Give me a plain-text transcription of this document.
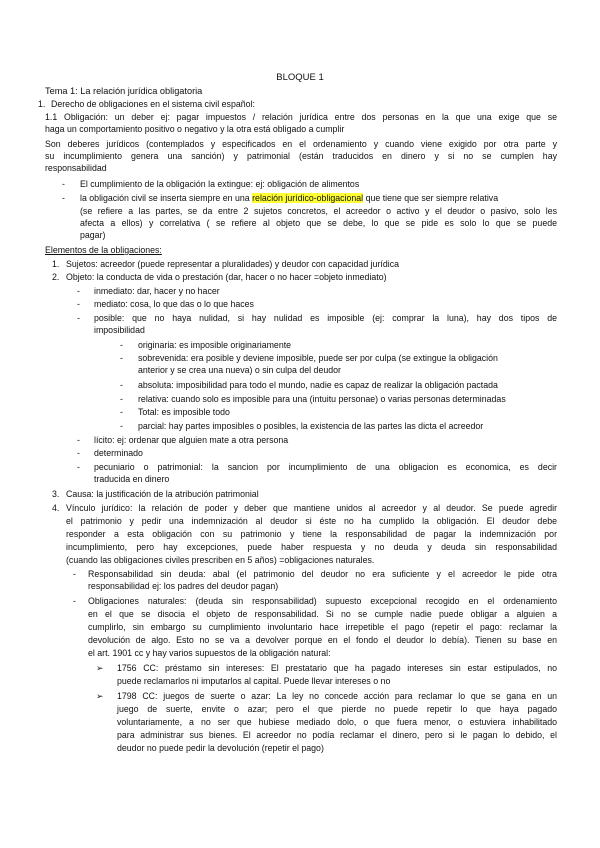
BLOQUE 1
Tema 1: La relación jurídica obligatoria
1. Derecho de obligaciones en el sistema civil español:
1.1 Obligación: un deber ej: pagar impuestos / relación jurídica entre dos personas en la que una exige que se
haga un comportamiento positivo o negativo y la otra está obligado a cumplir
Son deberes jurídicos (contemplados y especificados en el ordenamiento y cuando viene exigido por otra parte y
su incumplimiento genera una sanción) y patrimonial (están traducidos en dinero y si no se cumplen hay
responsabilidad
- El cumplimiento de la obligación la extingue: ej: obligación de alimentos
- la obligación civil se inserta siempre en una relación jurídico-obligacional que tiene que ser siempre relativa
(se refiere a las partes, se da entre 2 sujetos concretos, el acreedor o activo y el deudor o pasivo, solo les
afecta a ellos) y correlativa ( se refiere al objeto que se debe, lo que se pide es solo lo que se puede
pagar)
Elementos de la obligaciones:
1. Sujetos: acreedor (puede representar a pluralidades) y deudor con capacidad jurídica
2. Objeto: la conducta de vida o prestación (dar, hacer o no hacer =objeto inmediato)
- inmediato: dar, hacer y no hacer
- mediato: cosa, lo que das o lo que haces
- posible: que no haya nulidad, si hay nulidad es imposible (ej: comprar la luna), hay dos tipos de
imposibilidad
- originaria: es imposible originariamente
- sobrevenida: era posible y deviene imposible, puede ser por culpa (se extingue la obligación
anterior y se crea una nueva) o sin culpa del deudor
- absoluta: imposibilidad para todo el mundo, nadie es capaz de realizar la obligación pactada
- relativa: cuando solo es imposible para una (intuitu personae) o varias personas determinadas
- Total: es imposible todo
- parcial: hay partes imposibles o posibles, la existencia de las partes las dicta el acreedor
- lícito: ej: ordenar que alguien mate a otra persona
- determinado
- pecuniario o patrimonial: la sancion por incumplimiento de una obligacion es economica, es decir
traducida en dinero
3. Causa: la justificación de la atribución patrimonial
4. Vínculo jurídico: la relación de poder y deber que mantiene unidos al acreedor y al deudor. Se puede agredir
el patrimonio y pedir una indemnización al deudor si éste no ha cumplido la obligación. El deudor debe
responder a esta obligación con su patrimonio y tiene la responsabilidad de pagar la indemnización por
incumplimiento, pero hay excepciones, puede haber respuesta y no deuda y deuda sin responsabilidad
(cuando las obligaciones civiles prescriben en 5 años) =obligaciones naturales.
- Responsabilidad sin deuda: abal (el patrimonio del deudor no era suficiente y el acreedor le pide otra
responsabilidad ej: los padres del deudor pagan)
- Obligaciones naturales: (deuda sin responsabilidad) supuesto excepcional recogido en el ordenamiento
en el que se disocia el objeto de responsabilidad. Si no se cumple nadie puede obligar a alguien a
cumplirlo, sin embargo su cumplimiento involuntario hace irrepetible el pago (repetir el pago: reclamar la
devolución de algo. Esto no se va a devolver porque en el fondo el deudor lo debía). Tienen su base en
el art. 1901 cc y hay varios supuestos de la obligación natural:
➢ 1756 CC: préstamo sin intereses: El prestatario que ha pagado intereses sin estar estipulados, no
puede reclamarlos ni imputarlos al capital. Puede llevar intereses o no
➢ 1798 CC: juegos de suerte o azar: La ley no concede acción para reclamar lo que se gana en un
juego de suerte, envite o azar; pero el que pierde no puede repetir lo que haya pagado
voluntariamente, a no ser que hubiese mediado dolo, o que fuera menor, o estuviera inhabilitado
para administrar sus bienes. El acreedor no podía reclamar el dinero, pero si le pagan lo debido, el
deudor no puede pedir la devolución (repetir el pago)
